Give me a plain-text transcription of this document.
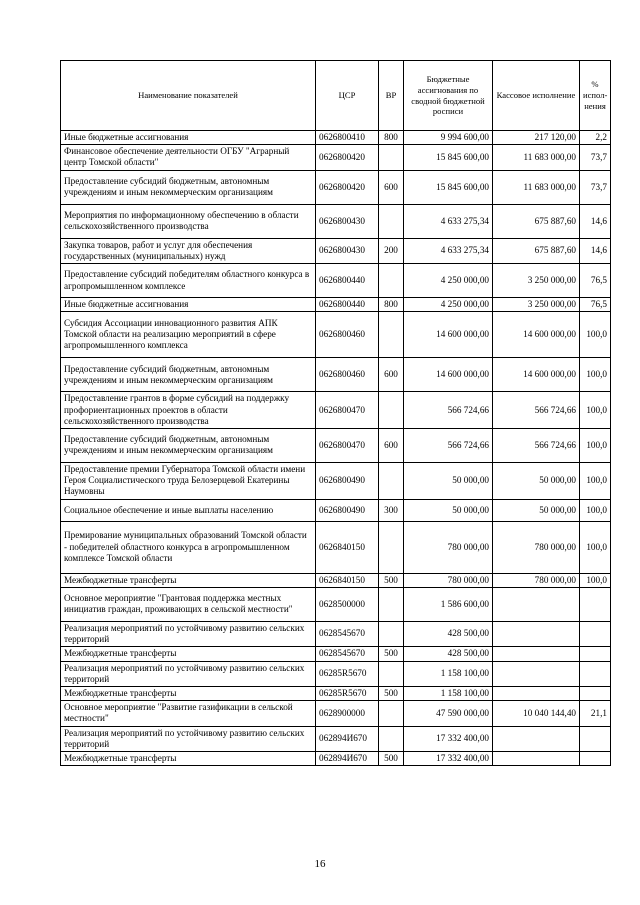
Наименование показателей	ЦСР	ВР	Бюджетные ассигнования по сводной бюджетной росписи	Кассовое исполнение	% испол-нения
Иные бюджетные ассигнования	0626800410	800	9 994 600,00	217 120,00	2,2
Финансовое обеспечение деятельности ОГБУ "Аграрный центр Томской области"	0626800420		15 845 600,00	11 683 000,00	73,7
Предоставление субсидий бюджетным, автономным учреждениям и иным некоммерческим организациям	0626800420	600	15 845 600,00	11 683 000,00	73,7
Мероприятия по информационному обеспечению в области сельскохозяйственного производства	0626800430		4 633 275,34	675 887,60	14,6
Закупка товаров, работ и услуг для обеспечения государственных (муниципальных) нужд	0626800430	200	4 633 275,34	675 887,60	14,6
Предоставление субсидий победителям областного конкурса в агропромышленном комплексе	0626800440		4 250 000,00	3 250 000,00	76,5
Иные бюджетные ассигнования	0626800440	800	4 250 000,00	3 250 000,00	76,5
Субсидия Ассоциации инновационного развития АПК Томской области на реализацию мероприятий в сфере агропромышленного комплекса	0626800460		14 600 000,00	14 600 000,00	100,0
Предоставление субсидий бюджетным, автономным учреждениям и иным некоммерческим организациям	0626800460	600	14 600 000,00	14 600 000,00	100,0
Предоставление грантов в форме субсидий на поддержку профориентационных проектов в области сельскохозяйственного производства	0626800470		566 724,66	566 724,66	100,0
Предоставление субсидий бюджетным, автономным учреждениям и иным некоммерческим организациям	0626800470	600	566 724,66	566 724,66	100,0
Предоставление премии Губернатора Томской области имени Героя Социалистического труда Белозерцевой Екатерины Наумовны	0626800490		50 000,00	50 000,00	100,0
Социальное обеспечение и иные выплаты населению	0626800490	300	50 000,00	50 000,00	100,0
Премирование муниципальных образований Томской области - победителей областного конкурса в агропромышленном комплексе Томской области	0626840150		780 000,00	780 000,00	100,0
Межбюджетные трансферты	0626840150	500	780 000,00	780 000,00	100,0
Основное мероприятие "Грантовая поддержка местных инициатив граждан, проживающих в сельской местности"	0628500000		1 586 600,00		
Реализация мероприятий по устойчивому развитию сельских территорий	0628545670		428 500,00		
Межбюджетные трансферты	0628545670	500	428 500,00		
Реализация мероприятий по устойчивому развитию сельских территорий	06285R5670		1 158 100,00		
Межбюджетные трансферты	06285R5670	500	1 158 100,00		
Основное мероприятие "Развитие газификации в сельской местности"	0628900000		47 590 000,00	10 040 144,40	21,1
Реализация мероприятий по устойчивому развитию сельских территорий	062894И670		17 332 400,00		
Межбюджетные трансферты	062894И670	500	17 332 400,00		
16
